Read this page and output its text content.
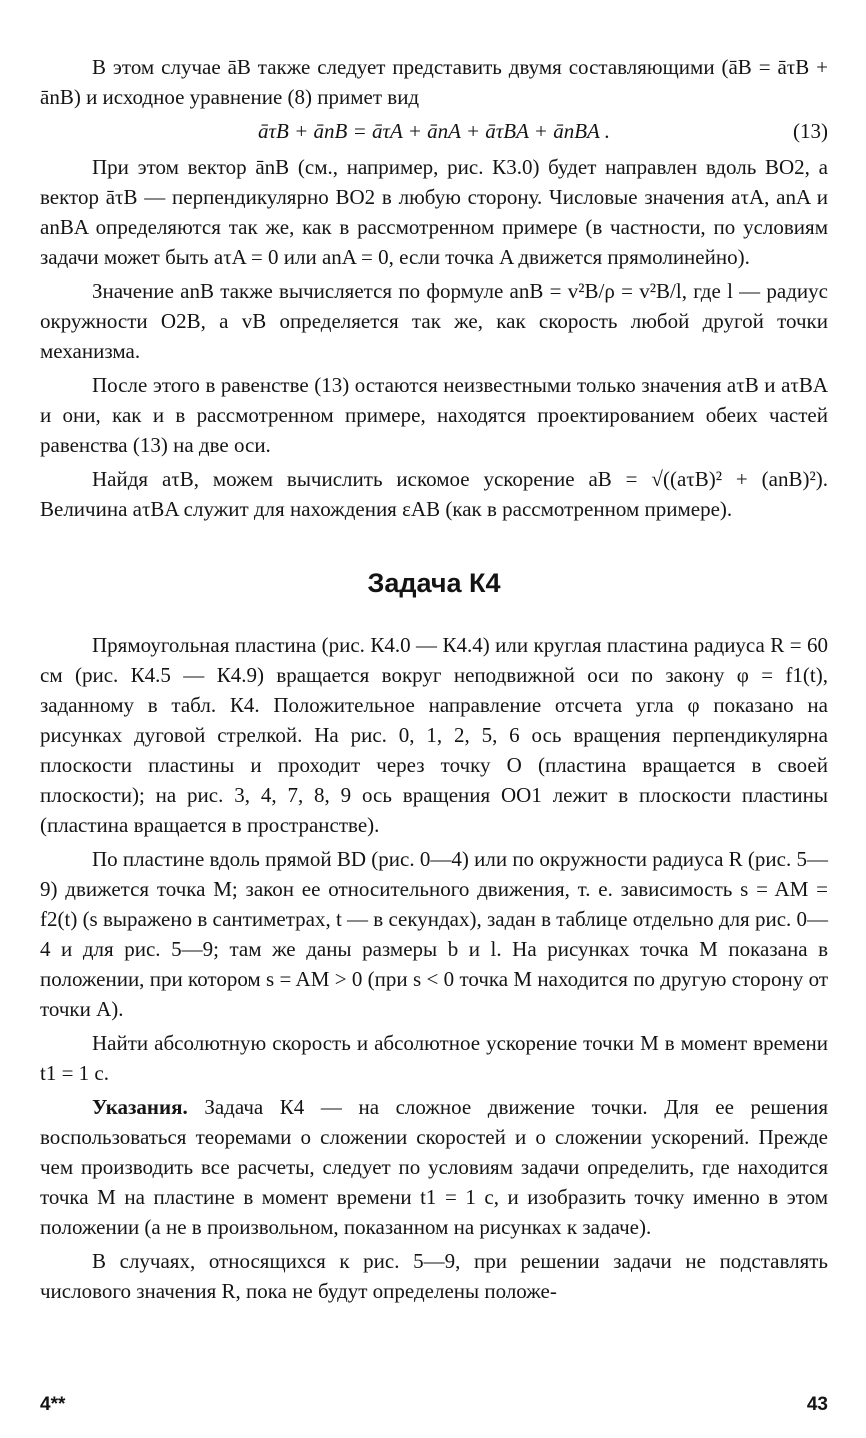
В этом случае āB также следует представить двумя составляющими (āB = āτB + ānB) и исходное уравнение (8) примет вид

āτB + ānB = āτA + ānA + āτBA + ānBA .	(13)

При этом вектор ānB (см., например, рис. К3.0) будет направлен вдоль BO2, а вектор āτB — перпендикулярно BO2 в любую сторону. Числовые значения aτA, anA и anBA определяются так же, как в рассмотренном примере (в частности, по условиям задачи может быть aτA = 0 или anA = 0, если точка A движется прямолинейно).

Значение anB также вычисляется по формуле anB = v²B/ρ = v²B/l, где l — радиус окружности O2B, а vB определяется так же, как скорость любой другой точки механизма.

После этого в равенстве (13) остаются неизвестными только значения aτB и aτBA и они, как и в рассмотренном примере, находятся проектированием обеих частей равенства (13) на две оси.

Найдя aτB, можем вычислить искомое ускорение aB = √((aτB)² + (anB)²). Величина aτBA служит для нахождения εAB (как в рассмотренном примере).

Задача К4

Прямоугольная пластина (рис. К4.0 — К4.4) или круглая пластина радиуса R = 60 см (рис. К4.5 — К4.9) вращается вокруг неподвижной оси по закону φ = f1(t), заданному в табл. К4. Положительное направление отсчета угла φ показано на рисунках дуговой стрелкой. На рис. 0, 1, 2, 5, 6 ось вращения перпендикулярна плоскости пластины и проходит через точку O (пластина вращается в своей плоскости); на рис. 3, 4, 7, 8, 9 ось вращения OO1 лежит в плоскости пластины (пластина вращается в пространстве).

По пластине вдоль прямой BD (рис. 0—4) или по окружности радиуса R (рис. 5—9) движется точка M; закон ее относительного движения, т. е. зависимость s = AM = f2(t) (s выражено в сантиметрах, t — в секундах), задан в таблице отдельно для рис. 0—4 и для рис. 5—9; там же даны размеры b и l. На рисунках точка M показана в положении, при котором s = AM > 0 (при s < 0 точка M находится по другую сторону от точки A).

Найти абсолютную скорость и абсолютное ускорение точки M в момент времени t1 = 1 с.

Указания. Задача К4 — на сложное движение точки. Для ее решения воспользоваться теоремами о сложении скоростей и о сложении ускорений. Прежде чем производить все расчеты, следует по условиям задачи определить, где находится точка M на пластине в момент времени t1 = 1 с, и изобразить точку именно в этом положении (а не в произвольном, показанном на рисунках к задаче).

В случаях, относящихся к рис. 5—9, при решении задачи не подставлять числового значения R, пока не будут определены положе-

4**	43
